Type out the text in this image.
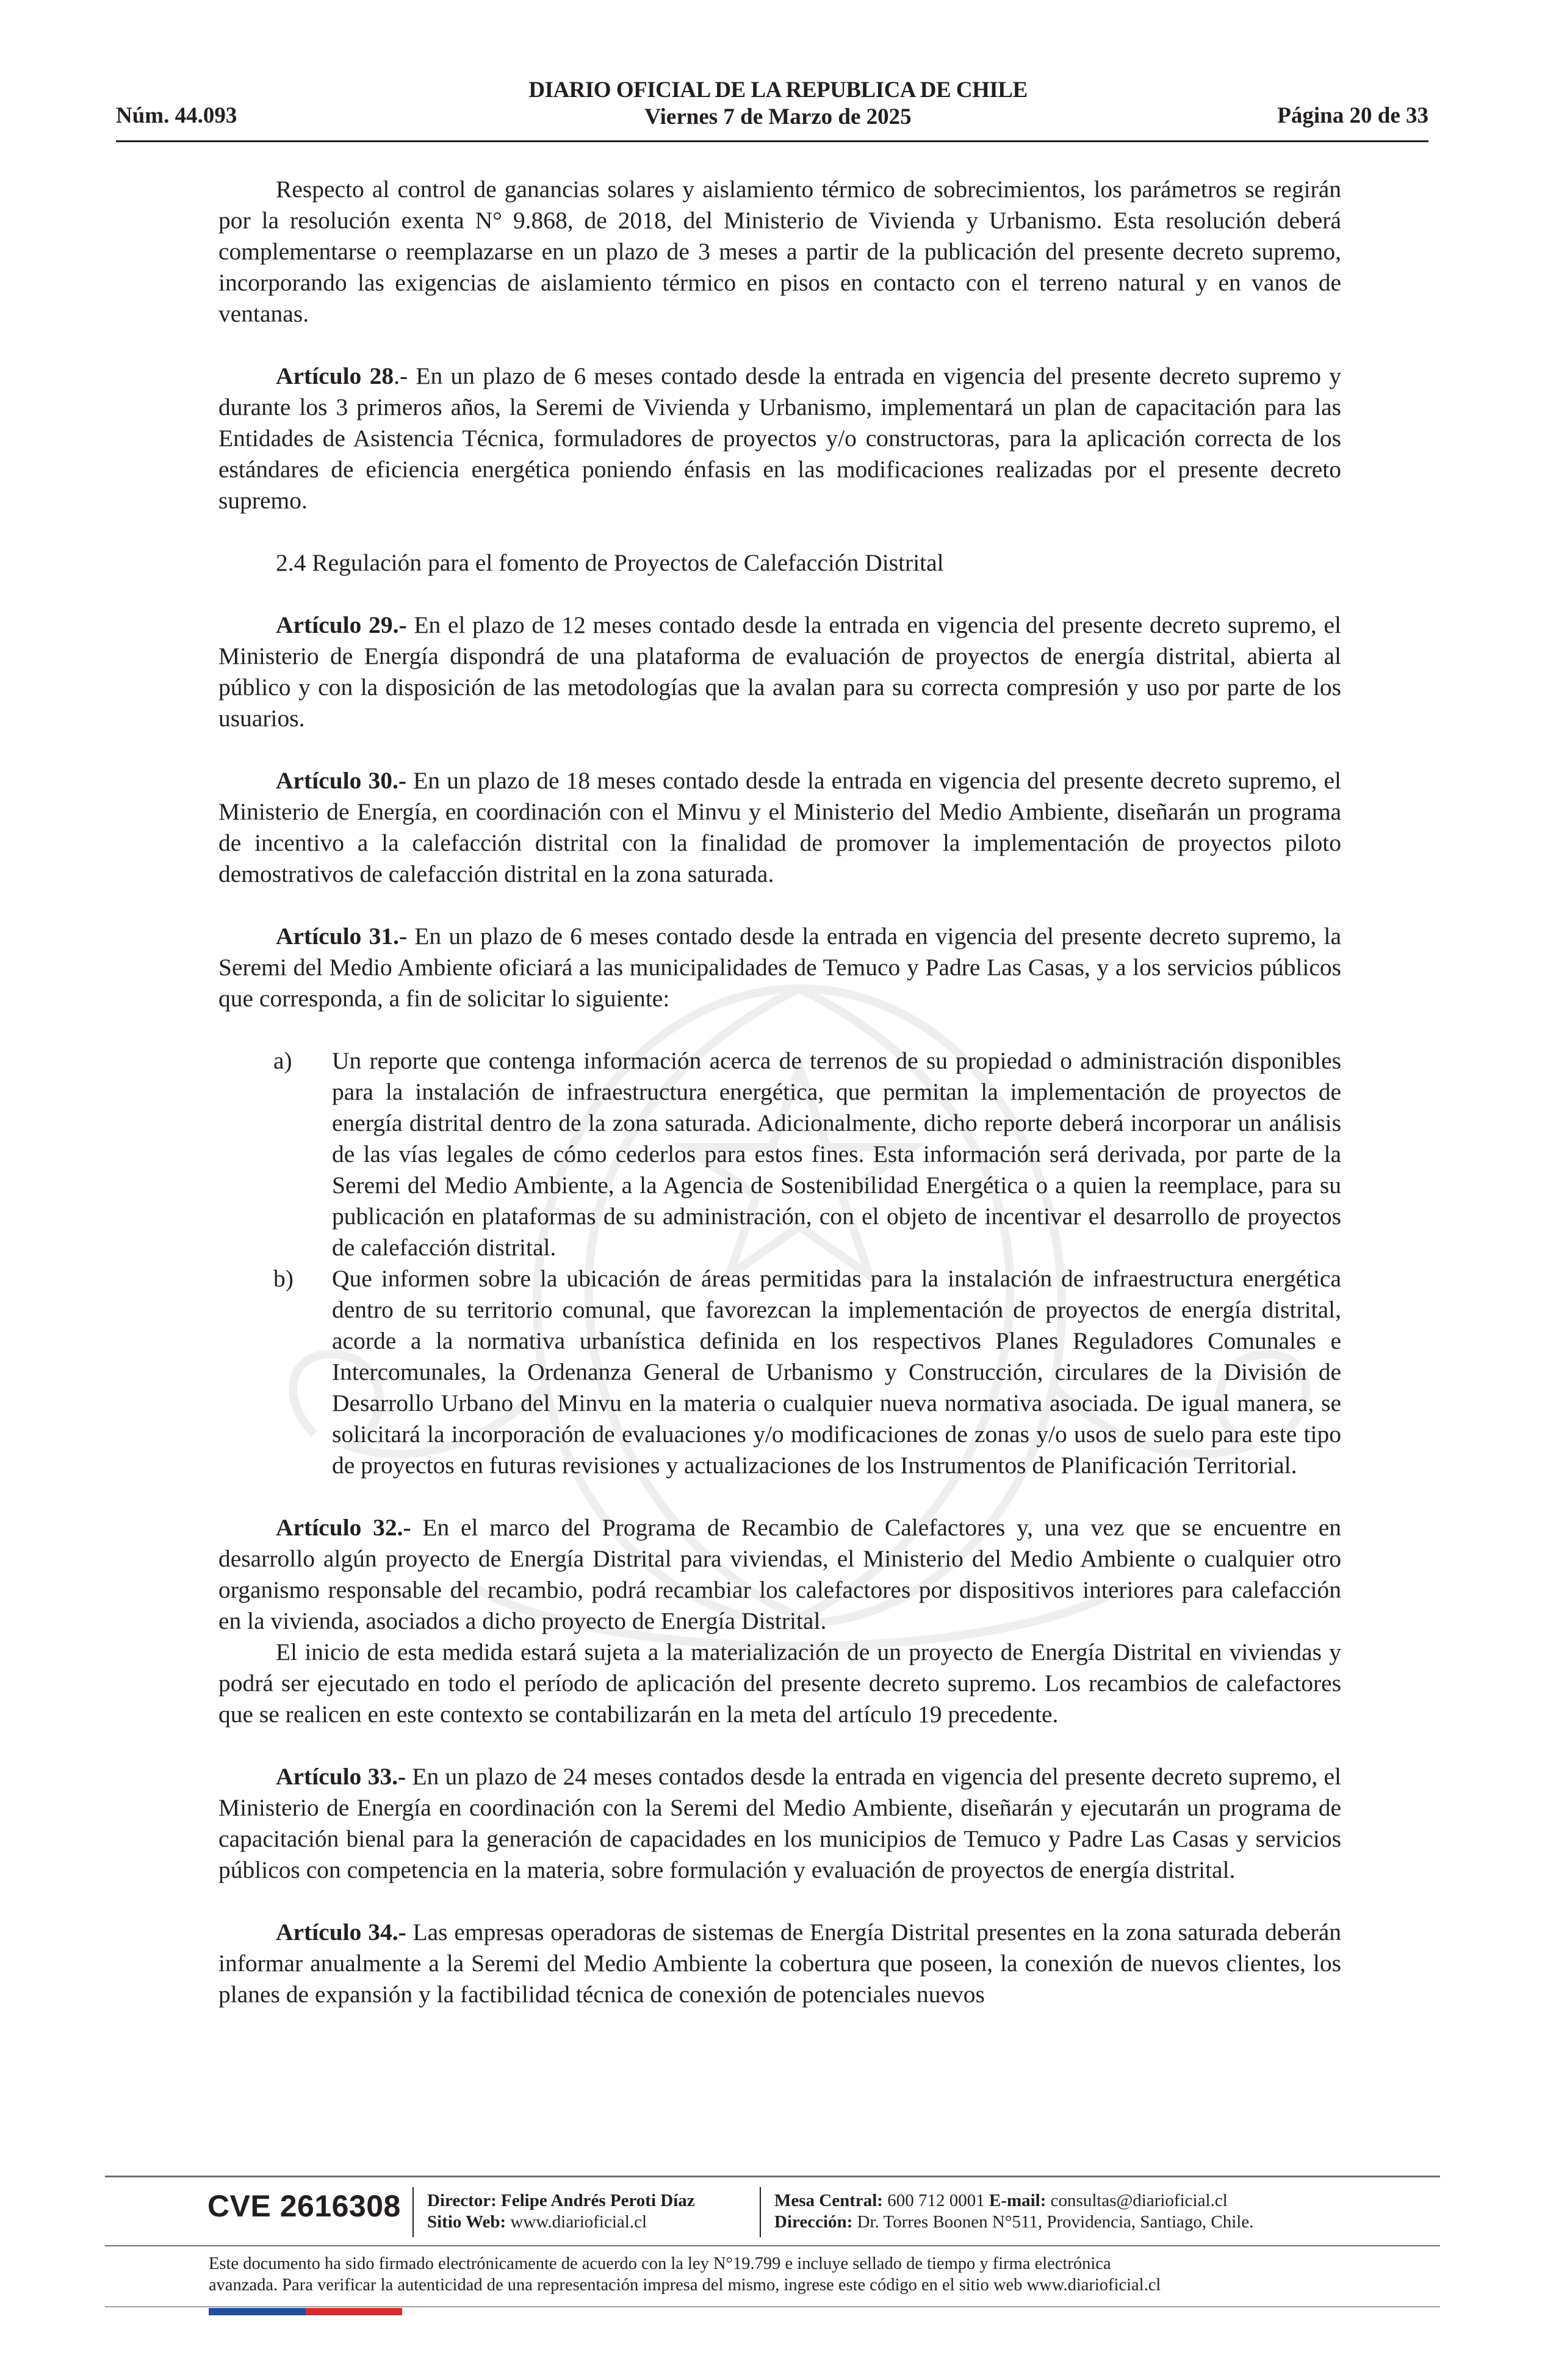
Núm. 44.093
DIARIO OFICIAL DE LA REPUBLICA DE CHILE
Viernes 7 de Marzo de 2025	Página 20 de 33

Respecto al control de ganancias solares y aislamiento térmico de sobrecimientos, los parámetros se regirán por la resolución exenta N° 9.868, de 2018, del Ministerio de Vivienda y Urbanismo. Esta resolución deberá complementarse o reemplazarse en un plazo de 3 meses a partir de la publicación del presente decreto supremo, incorporando las exigencias de aislamiento térmico en pisos en contacto con el terreno natural y en vanos de ventanas.

Artículo 28.- En un plazo de 6 meses contado desde la entrada en vigencia del presente decreto supremo y durante los 3 primeros años, la Seremi de Vivienda y Urbanismo, implementará un plan de capacitación para las Entidades de Asistencia Técnica, formuladores de proyectos y/o constructoras, para la aplicación correcta de los estándares de eficiencia energética poniendo énfasis en las modificaciones realizadas por el presente decreto supremo.

2.4 Regulación para el fomento de Proyectos de Calefacción Distrital

Artículo 29.- En el plazo de 12 meses contado desde la entrada en vigencia del presente decreto supremo, el Ministerio de Energía dispondrá de una plataforma de evaluación de proyectos de energía distrital, abierta al público y con la disposición de las metodologías que la avalan para su correcta compresión y uso por parte de los usuarios.

Artículo 30.- En un plazo de 18 meses contado desde la entrada en vigencia del presente decreto supremo, el Ministerio de Energía, en coordinación con el Minvu y el Ministerio del Medio Ambiente, diseñarán un programa de incentivo a la calefacción distrital con la finalidad de promover la implementación de proyectos piloto demostrativos de calefacción distrital en la zona saturada.

Artículo 31.- En un plazo de 6 meses contado desde la entrada en vigencia del presente decreto supremo, la Seremi del Medio Ambiente oficiará a las municipalidades de Temuco y Padre Las Casas, y a los servicios públicos que corresponda, a fin de solicitar lo siguiente:

a) Un reporte que contenga información acerca de terrenos de su propiedad o administración disponibles para la instalación de infraestructura energética, que permitan la implementación de proyectos de energía distrital dentro de la zona saturada. Adicionalmente, dicho reporte deberá incorporar un análisis de las vías legales de cómo cederlos para estos fines. Esta información será derivada, por parte de la Seremi del Medio Ambiente, a la Agencia de Sostenibilidad Energética o a quien la reemplace, para su publicación en plataformas de su administración, con el objeto de incentivar el desarrollo de proyectos de calefacción distrital.
b) Que informen sobre la ubicación de áreas permitidas para la instalación de infraestructura energética dentro de su territorio comunal, que favorezcan la implementación de proyectos de energía distrital, acorde a la normativa urbanística definida en los respectivos Planes Reguladores Comunales e Intercomunales, la Ordenanza General de Urbanismo y Construcción, circulares de la División de Desarrollo Urbano del Minvu en la materia o cualquier nueva normativa asociada. De igual manera, se solicitará la incorporación de evaluaciones y/o modificaciones de zonas y/o usos de suelo para este tipo de proyectos en futuras revisiones y actualizaciones de los Instrumentos de Planificación Territorial.

Artículo 32.- En el marco del Programa de Recambio de Calefactores y, una vez que se encuentre en desarrollo algún proyecto de Energía Distrital para viviendas, el Ministerio del Medio Ambiente o cualquier otro organismo responsable del recambio, podrá recambiar los calefactores por dispositivos interiores para calefacción en la vivienda, asociados a dicho proyecto de Energía Distrital.

El inicio de esta medida estará sujeta a la materialización de un proyecto de Energía Distrital en viviendas y podrá ser ejecutado en todo el período de aplicación del presente decreto supremo. Los recambios de calefactores que se realicen en este contexto se contabilizarán en la meta del artículo 19 precedente.

Artículo 33.- En un plazo de 24 meses contados desde la entrada en vigencia del presente decreto supremo, el Ministerio de Energía en coordinación con la Seremi del Medio Ambiente, diseñarán y ejecutarán un programa de capacitación bienal para la generación de capacidades en los municipios de Temuco y Padre Las Casas y servicios públicos con competencia en la materia, sobre formulación y evaluación de proyectos de energía distrital.

Artículo 34.- Las empresas operadoras de sistemas de Energía Distrital presentes en la zona saturada deberán informar anualmente a la Seremi del Medio Ambiente la cobertura que poseen, la conexión de nuevos clientes, los planes de expansión y la factibilidad técnica de conexión de potenciales nuevos

CVE 2616308 Director: Felipe Andrés Peroti Díaz
Sitio Web: www.diarioficial.cl
Mesa Central: 600 712 0001 E-mail: consultas@diarioficial.cl
Dirección: Dr. Torres Boonen N°511, Providencia, Santiago, Chile.
Este documento ha sido firmado electrónicamente de acuerdo con la ley N°19.799 e incluye sellado de tiempo y firma electrónica
avanzada. Para verificar la autenticidad de una representación impresa del mismo, ingrese este código en el sitio web www.diarioficial.cl
